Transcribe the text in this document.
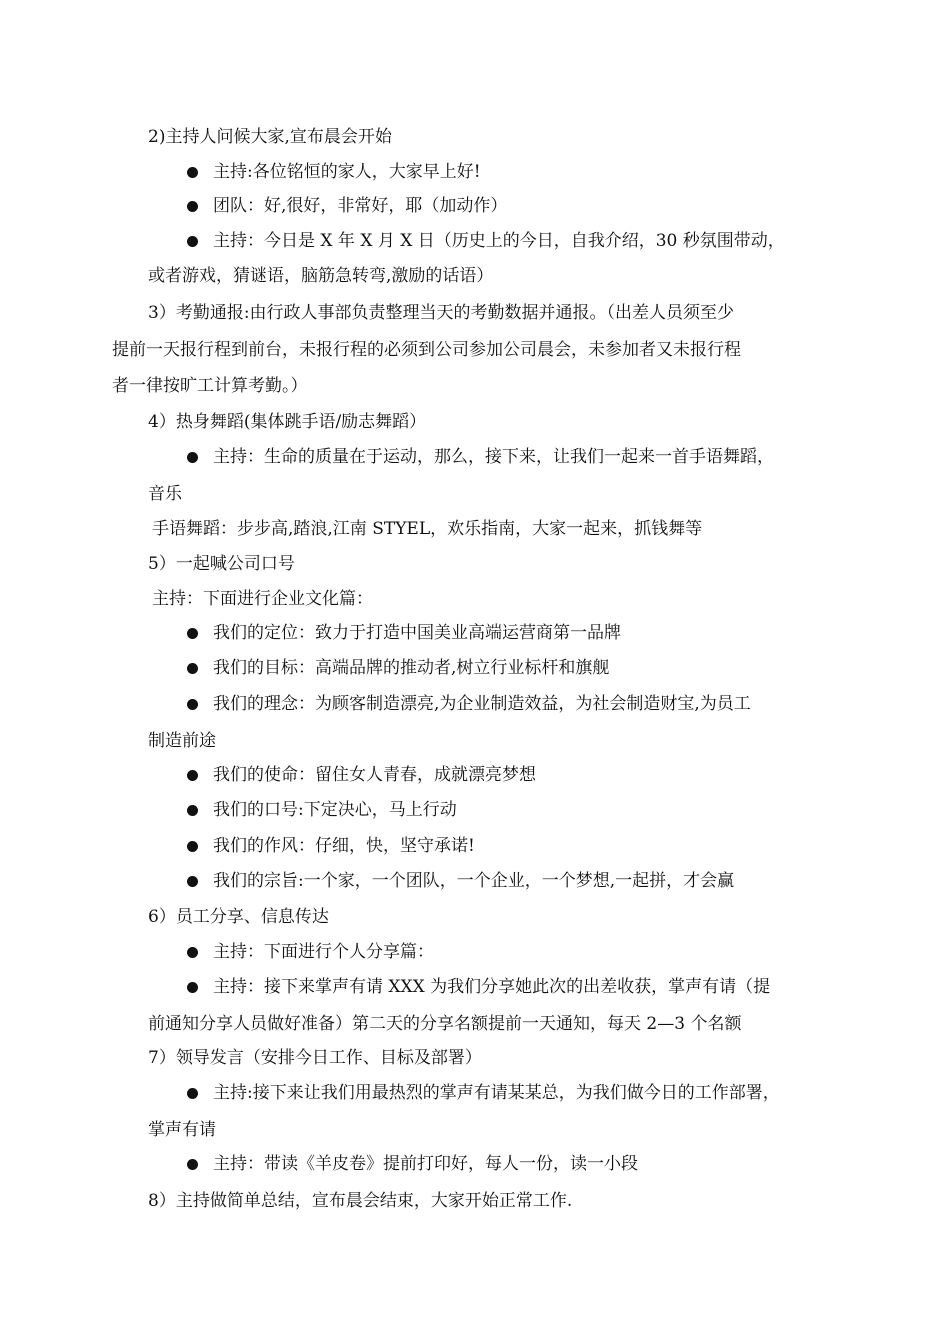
2)主持人问候大家,宣布晨会开始
主持:各位铭恒的家人，大家早上好!
团队：好,很好，非常好，耶（加动作）
主持：今日是 X 年 X 月 X 日（历史上的今日，自我介绍，30 秒氛围带动，
或者游戏，猜谜语，脑筋急转弯,激励的话语）
3）考勤通报:由行政人事部负责整理当天的考勤数据并通报。（出差人员须至少
提前一天报行程到前台，未报行程的必须到公司参加公司晨会，未参加者又未报行程
者一律按旷工计算考勤。）
4）热身舞蹈(集体跳手语/励志舞蹈）
主持：生命的质量在于运动，那么，接下来，让我们一起来一首手语舞蹈，
音乐
手语舞蹈：步步高,踏浪,江南 STYEL，欢乐指南，大家一起来，抓钱舞等
5）一起喊公司口号
主持：下面进行企业文化篇：
我们的定位：致力于打造中国美业高端运营商第一品牌
我们的目标：高端品牌的推动者,树立行业标杆和旗舰
我们的理念：为顾客制造漂亮,为企业制造效益，为社会制造财宝,为员工
制造前途
我们的使命：留住女人青春，成就漂亮梦想
我们的口号:下定决心，马上行动
我们的作风：仔细，快，坚守承诺!
我们的宗旨:一个家，一个团队，一个企业，一个梦想,一起拼，才会赢
6）员工分享、信息传达
主持：下面进行个人分享篇：
主持：接下来掌声有请 XXX 为我们分享她此次的出差收获，掌声有请（提
前通知分享人员做好准备）第二天的分享名额提前一天通知，每天 2—3 个名额
7）领导发言（安排今日工作、目标及部署）
主持:接下来让我们用最热烈的掌声有请某某总，为我们做今日的工作部署，
掌声有请
主持：带读《羊皮卷》提前打印好，每人一份，读一小段
8）主持做简单总结，宣布晨会结束，大家开始正常工作.
